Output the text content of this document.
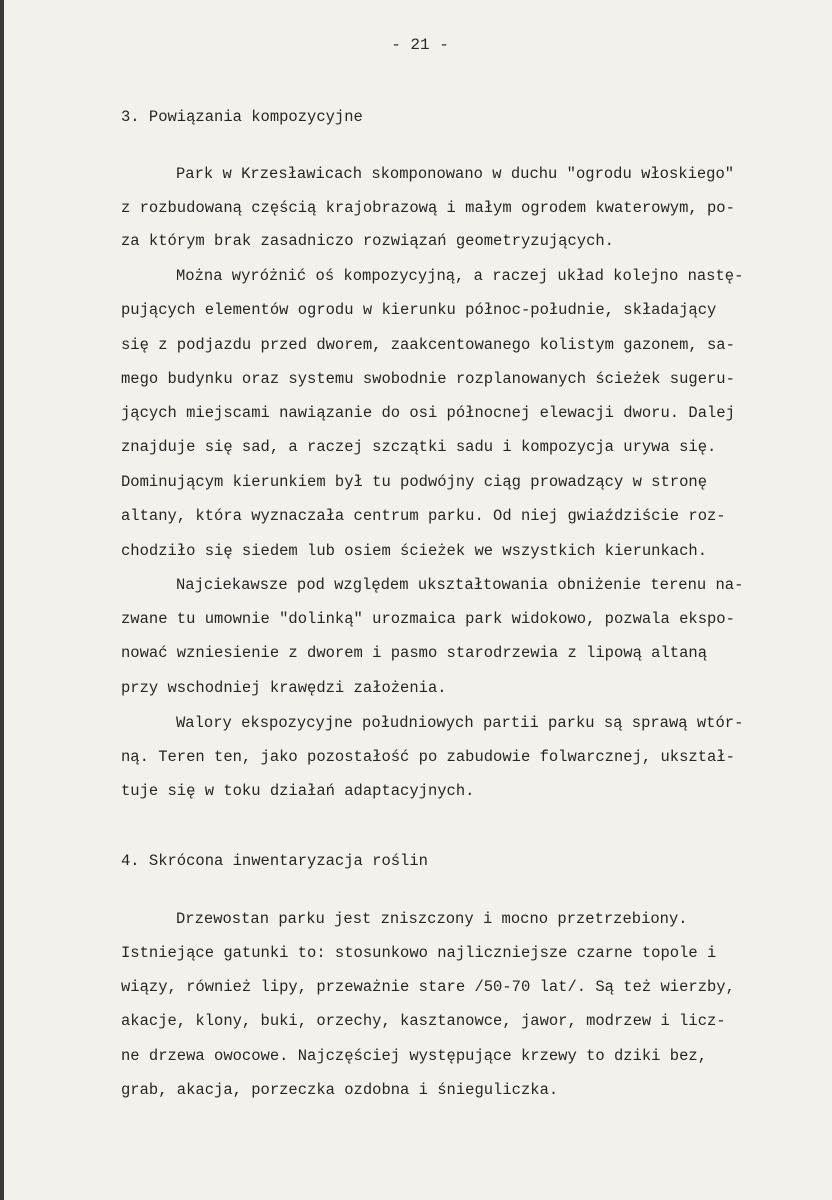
- 21 -
3. Powiązania kompozycyjne
Park w Krzesławicach skomponowano w duchu "ogrodu włoskiego"
z rozbudowaną częścią krajobrazową i małym ogrodem kwaterowym, po-
za którym brak zasadniczo rozwiązań geometryzujących.
Można wyróżnić oś kompozycyjną, a raczej układ kolejno nastę-
pujących elementów ogrodu w kierunku północ-południe, składający
się z podjazdu przed dworem, zaakcentowanego kolistym gazonem, sa-
mego budynku oraz systemu swobodnie rozplanowanych ścieżek sugeru-
jących miejscami nawiązanie do osi północnej elewacji dworu. Dalej
znajduje się sad, a raczej szczątki sadu i kompozycja urywa się.
Dominującym kierunkiem był tu podwójny ciąg prowadzący w stronę
altany, która wyznaczała centrum parku. Od niej gwiaździście roz-
chodziło się siedem lub osiem ścieżek we wszystkich kierunkach.
Najciekawsze pod względem ukształtowania obniżenie terenu na-
zwane tu umownie "dolinką" urozmaica park widokowo, pozwala ekspo-
nować wzniesienie z dworem i pasmo starodrzewia z lipową altaną
przy wschodniej krawędzi założenia.
Walory ekspozycyjne południowych partii parku są sprawą wtór-
ną. Teren ten, jako pozostałość po zabudowie folwarcznej, ukształ-
tuje się w toku działań adaptacyjnych.
4. Skrócona inwentaryzacja roślin
Drzewostan parku jest zniszczony i mocno przetrzebiony.
Istniejące gatunki to: stosunkowo najliczniejsze czarne topole i
wiązy, również lipy, przeważnie stare /50-70 lat/. Są też wierzby,
akacje, klony, buki, orzechy, kasztanowce, jawor, modrzew i licz-
ne drzewa owocowe. Najczęściej występujące krzewy to dziki bez,
grab, akacja, porzeczka ozdobna i śnieguliczka.
